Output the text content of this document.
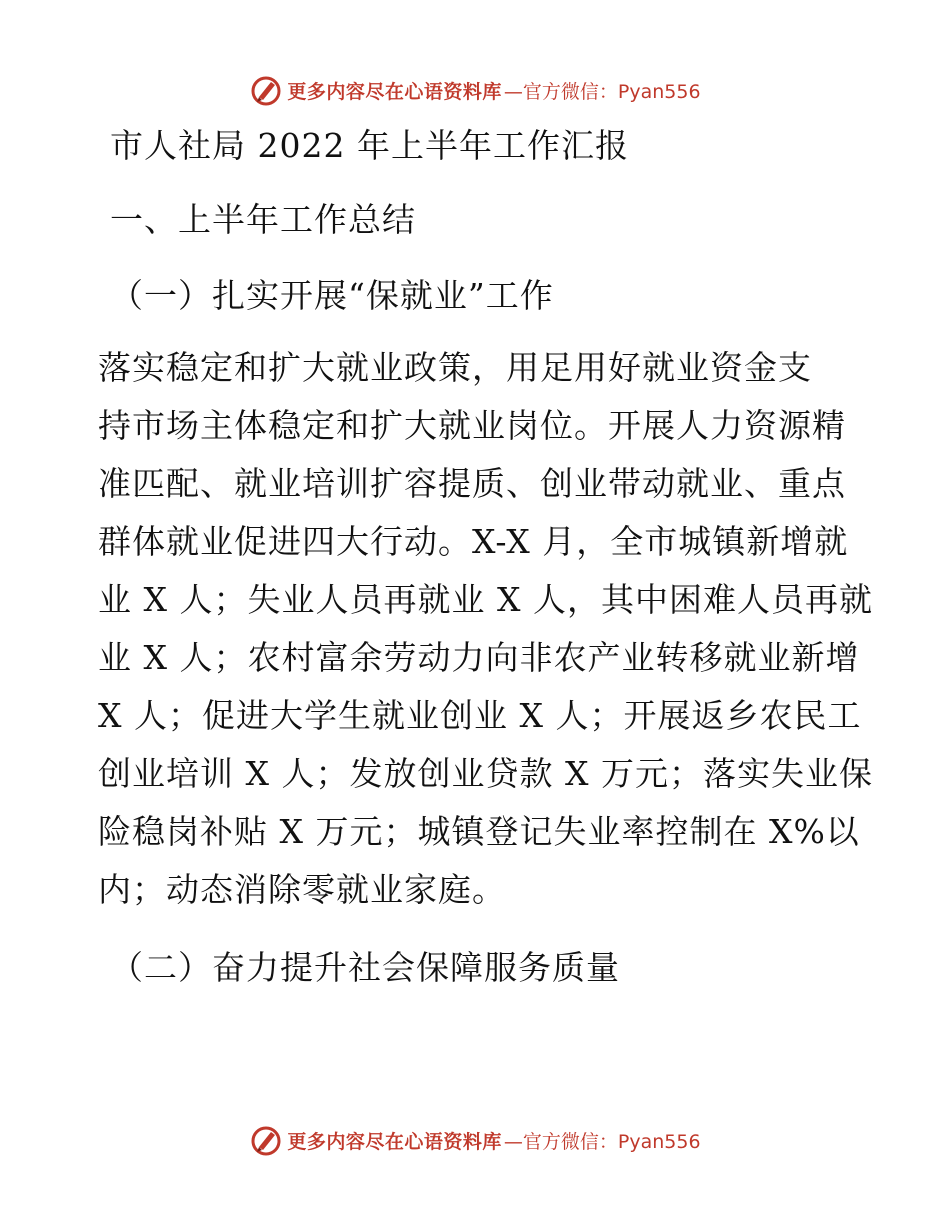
更多内容尽在心语资料库 —官方微信：Pyan556
市人社局 2022 年上半年工作汇报
一、上半年工作总结
（一）扎实开展“保就业”工作
落实稳定和扩大就业政策，用足用好就业资金支
持市场主体稳定和扩大就业岗位。开展人力资源精
准匹配、就业培训扩容提质、创业带动就业、重点
群体就业促进四大行动。X-X 月，全市城镇新增就
业 X 人；失业人员再就业 X 人，其中困难人员再就
业 X 人；农村富余劳动力向非农产业转移就业新增
X 人；促进大学生就业创业 X 人；开展返乡农民工
创业培训 X 人；发放创业贷款 X 万元；落实失业保
险稳岗补贴 X 万元；城镇登记失业率控制在 X%以
内；动态消除零就业家庭。
（二）奋力提升社会保障服务质量
更多内容尽在心语资料库 —官方微信：Pyan556
